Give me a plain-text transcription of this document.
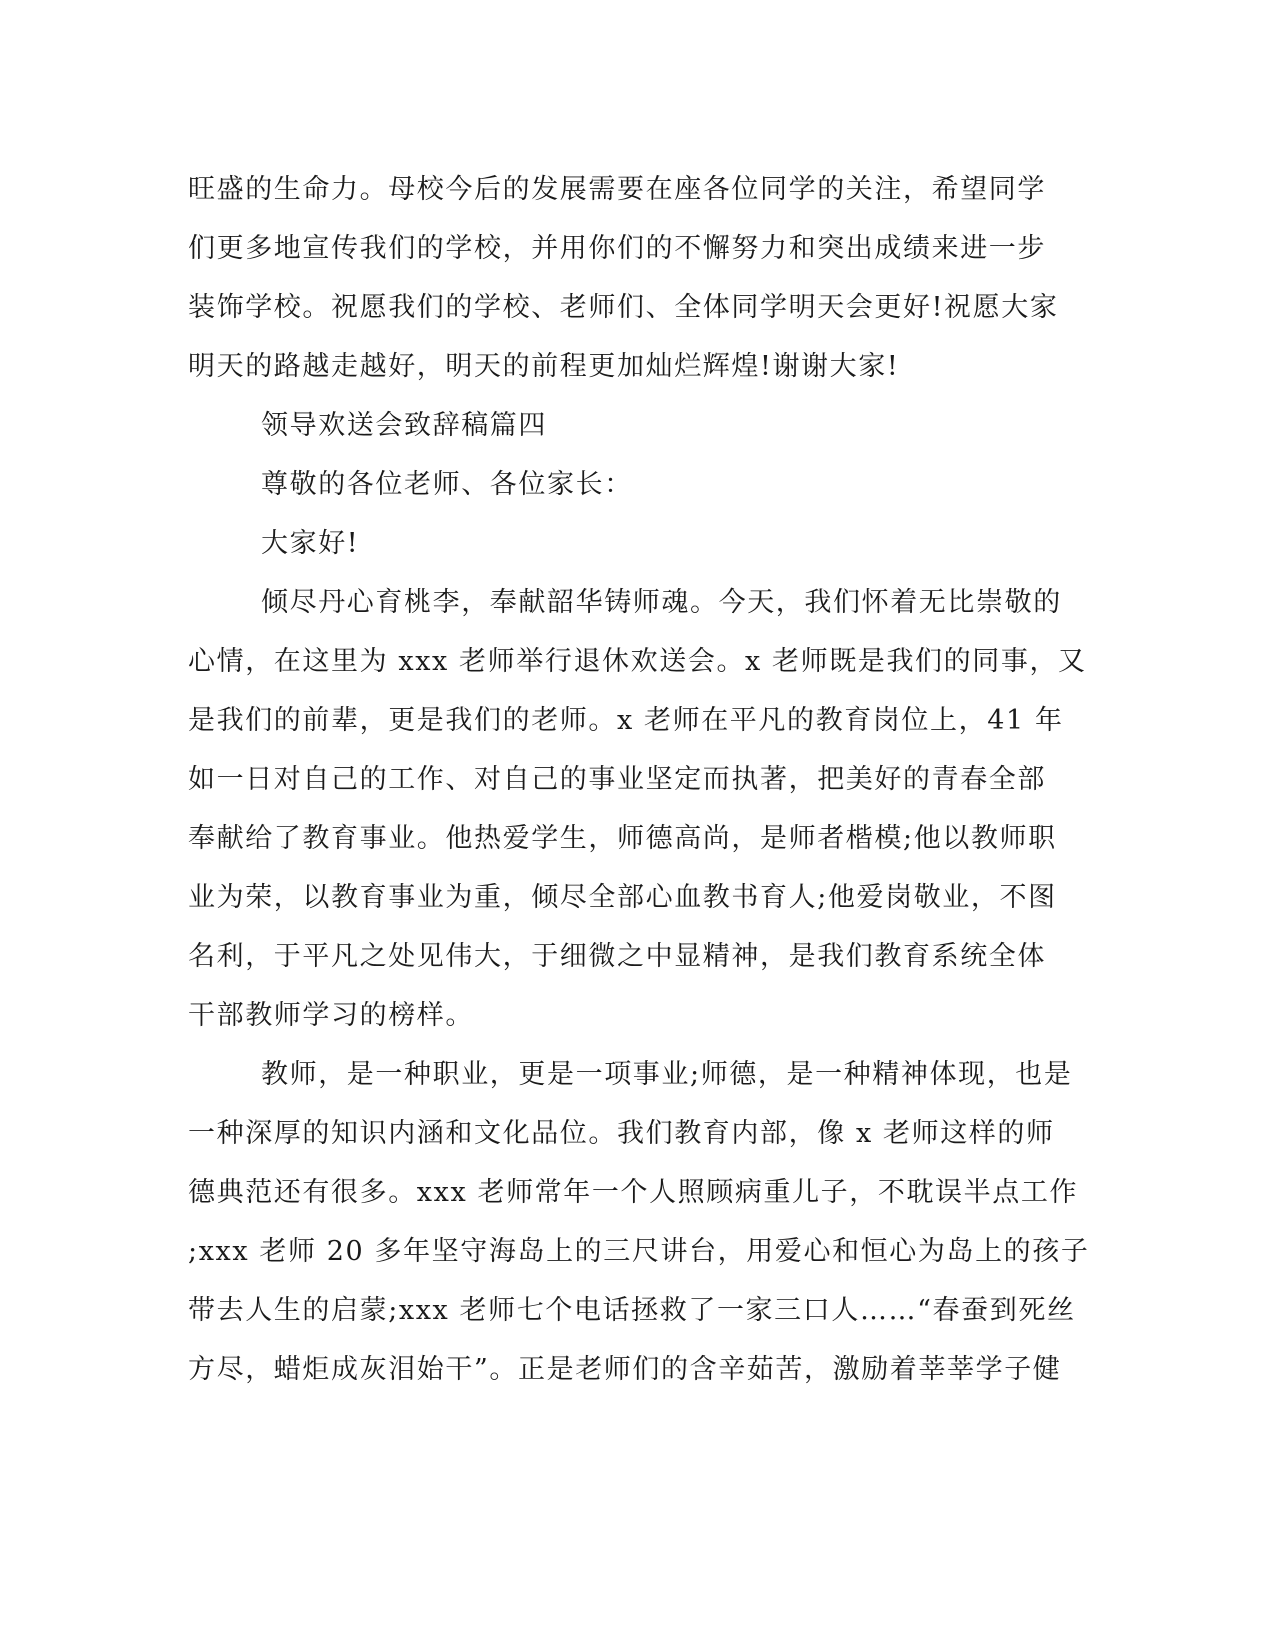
旺盛的生命力。母校今后的发展需要在座各位同学的关注，希望同学
们更多地宣传我们的学校，并用你们的不懈努力和突出成绩来进一步
装饰学校。祝愿我们的学校、老师们、全体同学明天会更好!祝愿大家
明天的路越走越好，明天的前程更加灿烂辉煌!谢谢大家!
领导欢送会致辞稿篇四
尊敬的各位老师、各位家长：
大家好!
倾尽丹心育桃李，奉献韶华铸师魂。今天，我们怀着无比崇敬的
心情，在这里为 xxx 老师举行退休欢送会。x 老师既是我们的同事，又
是我们的前辈，更是我们的老师。x 老师在平凡的教育岗位上，41 年
如一日对自己的工作、对自己的事业坚定而执著，把美好的青春全部
奉献给了教育事业。他热爱学生，师德高尚，是师者楷模;他以教师职
业为荣，以教育事业为重，倾尽全部心血教书育人;他爱岗敬业，不图
名利，于平凡之处见伟大，于细微之中显精神，是我们教育系统全体
干部教师学习的榜样。
教师，是一种职业，更是一项事业;师德，是一种精神体现，也是
一种深厚的知识内涵和文化品位。我们教育内部，像 x 老师这样的师
德典范还有很多。xxx 老师常年一个人照顾病重儿子，不耽误半点工作
;xxx 老师 20 多年坚守海岛上的三尺讲台，用爱心和恒心为岛上的孩子
带去人生的启蒙;xxx 老师七个电话拯救了一家三口人……“春蚕到死丝
方尽，蜡炬成灰泪始干”。正是老师们的含辛茹苦，激励着莘莘学子健
